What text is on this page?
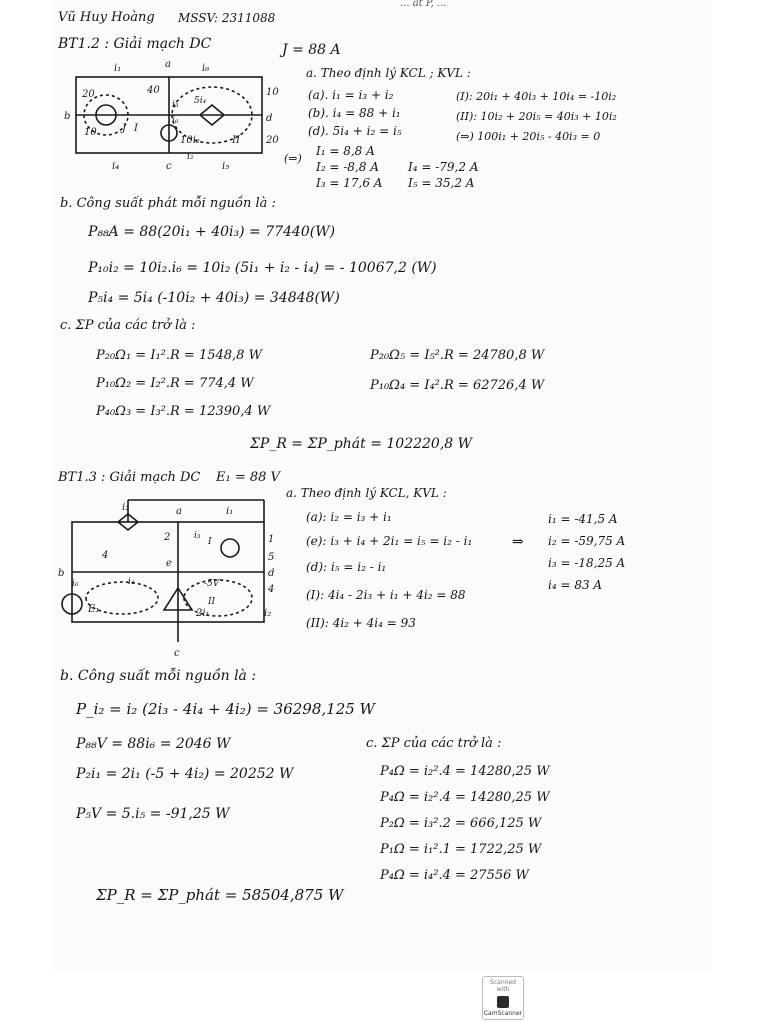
Vũ Huy Hoàng MSSV: 2311088
... at P, ...
BT1.2 : Giải mạch DC	J = 88 A
i₁	a	i₆
20	40
i₃ 5i₄
10
b	d
10	J I
i₆
10i₂	II	20
i₄	c	i₅
i₂
a. Theo định lý KCL ; KVL :
(a). i₁ = i₃ + i₂
(b). i₄ = 88 + i₁
(d). 5i₄ + i₂ = i₅
(I): 20i₁ + 40i₃ + 10i₄ = -10i₂
(II): 10i₂ + 20i₅ = 40i₃ + 10i₂
(⇒) 100i₁ + 20i₅ - 40i₃ = 0
(⇒)
I₁ = 8,8 A
I₂ = -8,8 A
I₃ = 17,6 A
I₄ = -79,2 A
I₅ = 35,2 A
b. Công suất phát mỗi nguồn là :
P₈₈A = 88(20i₁ + 40i₃) = 77440(W)
P₁₀i₂ = 10i₂.i₆ = 10i₂ (5i₁ + i₂ - i₄) = - 10067,2 (W)
P₅i₄ = 5i₄ (-10i₂ + 40i₃) = 34848(W)
c. ΣP của các trở là :
P₂₀Ω₁ = I₁².R = 1548,8 W
P₁₀Ω₂ = I₂².R = 774,4 W
P₄₀Ω₃ = I₃².R = 12390,4 W
P₂₀Ω₅ = I₅².R = 24780,8 W
P₁₀Ω₄ = I₄².R = 62726,4 W
ΣP_R = ΣP_phát = 102220,8 W
BT1.3 : Giải mạch DC E₁ = 88 V
i₂	a	i₁
2	i₃	1
4
e
I
5
d
b
i₄	-5V	4
i₆
E₁
II
2i₁	i₂
c
a. Theo định lý KCL, KVL :
(a): i₂ = i₃ + i₁
(e): i₃ + i₄ + 2i₁ = i₅ = i₂ - i₁
(d): i₅ = i₂ - i₁
(I): 4i₄ - 2i₃ + i₁ + 4i₂ = 88
(II): 4i₂ + 4i₄ = 93
⇒
i₁ = -41,5 A
i₂ = -59,75 A
i₃ = -18,25 A
i₄ = 83 A
b. Công suất mỗi nguồn là :
P_i₂ = i₂ (2i₃ - 4i₄ + 4i₂) = 36298,125 W
P₈₈V = 88i₆ = 2046 W
P₂i₁ = 2i₁ (-5 + 4i₂) = 20252 W
P₅V = 5.i₅ = -91,25 W
ΣP_R = ΣP_phát = 58504,875 W
c. ΣP của các trở là :
P₄Ω = i₂².4 = 14280,25 W
P₄Ω = i₂².4 = 14280,25 W
P₂Ω = i₃².2 = 666,125 W
P₁Ω = i₁².1 = 1722,25 W
P₄Ω = i₄².4 = 27556 W
Scanned with
CamScanner
